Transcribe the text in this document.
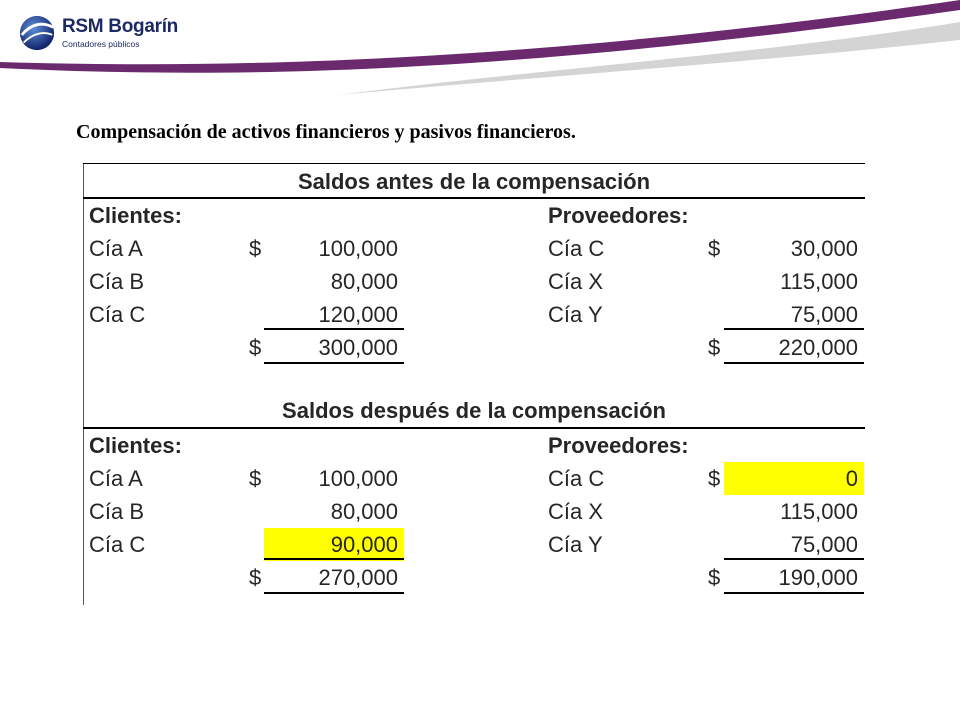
RSM Bogarín
Contadores públicos
Compensación de activos financieros y pasivos financieros.
Saldos antes de la compensación
Clientes:	Proveedores:
Cía A	$	100,000	Cía C	$	30,000
Cía B	80,000	Cía X	115,000
Cía C	120,000	Cía Y	75,000
$	300,000	$	220,000
Saldos después de la compensación
Clientes:	Proveedores:
Cía A	$	100,000	Cía C	$	0
Cía B	80,000	Cía X	115,000
Cía C	90,000	Cía Y	75,000
$	270,000	$	190,000
